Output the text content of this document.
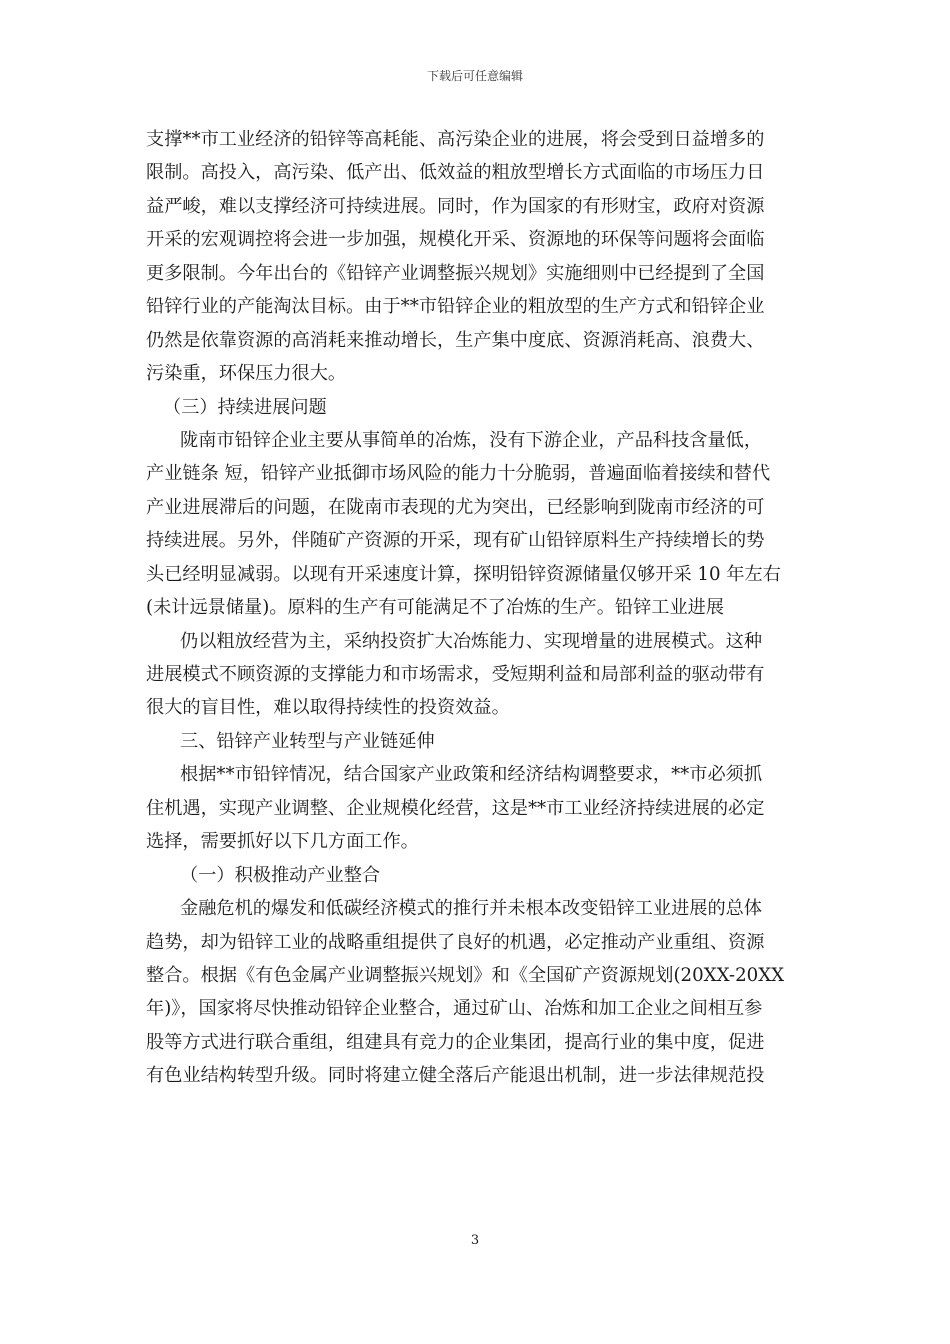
下载后可任意编辑
支撑**市工业经济的铅锌等高耗能、高污染企业的进展，将会受到日益增多的
限制。高投入，高污染、低产出、低效益的粗放型增长方式面临的市场压力日
益严峻，难以支撑经济可持续进展。同时，作为国家的有形财宝，政府对资源
开采的宏观调控将会进一步加强，规模化开采、资源地的环保等问题将会面临
更多限制。今年出台的《铅锌产业调整振兴规划》实施细则中已经提到了全国
铅锌行业的产能淘汰目标。由于**市铅锌企业的粗放型的生产方式和铅锌企业
仍然是依靠资源的高消耗来推动增长，生产集中度底、资源消耗高、浪费大、
污染重，环保压力很大。
（三）持续进展问题
陇南市铅锌企业主要从事简单的冶炼，没有下游企业，产品科技含量低，
产业链条 短，铅锌产业抵御市场风险的能力十分脆弱，普遍面临着接续和替代
产业进展滞后的问题，在陇南市表现的尤为突出，已经影响到陇南市经济的可
持续进展。另外，伴随矿产资源的开采，现有矿山铅锌原料生产持续增长的势
头已经明显减弱。以现有开采速度计算，探明铅锌资源储量仅够开采 10 年左右
(未计远景储量)。原料的生产有可能满足不了冶炼的生产。铅锌工业进展
仍以粗放经营为主，采纳投资扩大冶炼能力、实现增量的进展模式。这种
进展模式不顾资源的支撑能力和市场需求，受短期利益和局部利益的驱动带有
很大的盲目性，难以取得持续性的投资效益。
三、铅锌产业转型与产业链延伸
根据**市铅锌情况，结合国家产业政策和经济结构调整要求，**市必须抓
住机遇，实现产业调整、企业规模化经营，这是**市工业经济持续进展的必定
选择，需要抓好以下几方面工作。
（一）积极推动产业整合
金融危机的爆发和低碳经济模式的推行并未根本改变铅锌工业进展的总体
趋势，却为铅锌工业的战略重组提供了良好的机遇，必定推动产业重组、资源
整合。根据《有色金属产业调整振兴规划》和《全国矿产资源规划(20XX-20XX
年)》，国家将尽快推动铅锌企业整合，通过矿山、冶炼和加工企业之间相互参
股等方式进行联合重组，组建具有竞力的企业集团，提高行业的集中度，促进
有色业结构转型升级。同时将建立健全落后产能退出机制，进一步法律规范投
3
